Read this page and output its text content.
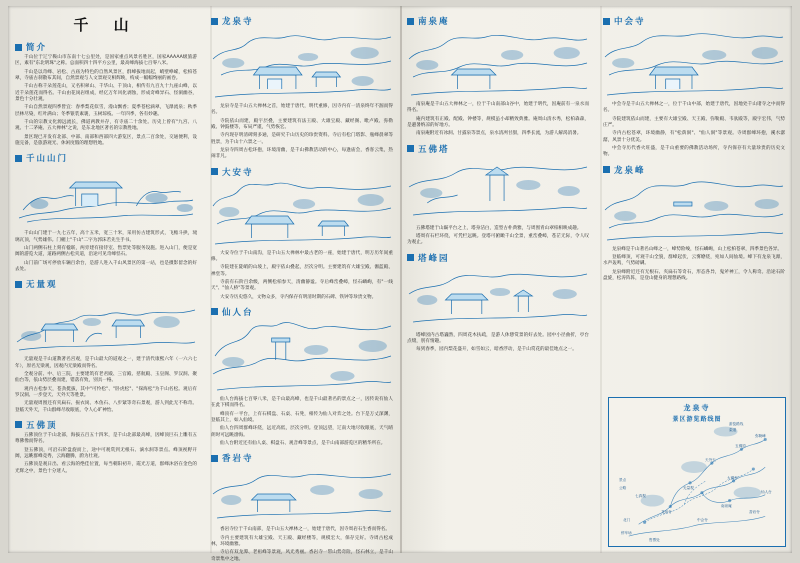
千 山
简介

千山位于辽宁鞍山市东南十七公里处，是国家重点风景名胜区，国家AAAAA级旅游区，素有"东北明珠"之称。总面积四十四平方公里，最高峰海拔七百零八米。

千山是以奇峰、岩松、古庙为特色的自然风景区，群峰拔地而起，峭壁峥嵘，松柏苍翠，寺庙古刹散布其间，自然景观与人文景观交相辉映，构成一幅幅绚丽的画卷。

千山古称千朵莲花山，又名积翠山、千华山、千顶山，相传有九百九十九座山峰，以近千朵莲花而得名。千山由花岗岩组成，经亿万年风化剥蚀，形成奇峰异石、怪洞幽谷，景色十分壮观。

千山自然景观四季皆宜：春季梨花似雪，漫山飘香；夏季苍松滴翠，飞瀑流泉；秋季层林尽染，红叶满山；冬季银装素裹，玉树琼枝。一年四季，各有妙趣。

千山的宗教文化源远流长，佛道两教并存，有寺庙二十余处。历史上曾有"九宫、八观、十二茅庵、五大禅林"之说，是东北地区著名的宗教胜地。

景区现已开发有北部、中部、南部和西部四大游览区，景点二百余处，交通便利，设施完备，是旅游观光、休闲度假的理想胜地。

千山山门

千山山门建于一九七五年，高十五米，宽三十米，采用仿古建筑形式，飞檐斗拱，琉璃瓦顶，气势雄伟。门楣上"千山"二字为郭沫若先生手书。

山门两侧石柱上刻有楹联，两旁建有接待室、售票处等服务设施。进入山门，便是宽阔的游览大道，道路两侧古松夹道，沿途可见奇峰怪石。

山门前广场可停放车辆百余台，是游人进入千山风景区的第一站，也是摄影留念的好去处。

无量观

无量观是千山道教著名宫观，是千山最大的道观之一，建于清代康熙六年（一六六七年），原名无梁观，因观内无梁殿而得名。

全观分前、中、后三院，主要建筑有老君殿、三官殿、慈航殿、玉皇阁、罗汉洞、聚仙台等，依山势层叠而建，错落有致，别具一格。

观内古松参天，苍劲挺拔，其中"可怜松"、"卧虎松"、"探海松"为千山名松。观后有罗汉洞、一步登天、天外天等胜景。

无量观周围还有夹扁石、振衣岗、木鱼石、八步紧等奇石景观，游人到此无不称奇。登临天外天，千山群峰尽收眼底，令人心旷神怡。

五佛顶

五佛顶位于千山北部，海拔五百五十四米，是千山北部最高峰，因峰顶巨石上雕有五尊佛像而得名。

登五佛顶，可沿石阶盘旋而上，途中可观赏到无根石、滴水洞等景点。峰顶视野开阔，远眺群峰竞秀，云海翻腾，蔚为壮观。

五佛顶是观日出、看云海的绝佳位置，每当朝阳初升，霞光万道，群峰沐浴在金色的光辉之中，景色十分迷人。

龙泉寺

龙泉寺是千山五大禅林之首，始建于唐代，明代重修，因寺内有一清泉终年不涸而得名。

寺院依山而建，殿宇层叠，主要建筑有法王殿、大雄宝殿、藏经阁、毗卢殿、弥勒殿、钟鼓楼等，布局严谨，气势恢宏。

寺内现存明清碑刻多通，是研究千山历史的珍贵资料。寺后有松门塔影、瓶峰晨翠等胜景，为千山十六景之一。

龙泉寺四周古松环抱，环境清幽，是千山佛教活动的中心，每逢庙会，香客云集，热闹非凡。

大安寺

大安寺位于千山南沟，是千山五大禅林中最古老的一座，始建于唐代，明万历年间重修。

寺院建在陡峭的山坡上，殿宇依山叠起，层次分明。主要建筑有大雄宝殿、伽蓝殿、禅堂等。

寺前有石阶百余级，两侧松柏参天，清幽静谧。寺后峰峦叠嶂，怪石嶙峋，有"一线天"、"仙人桥"等景观。

大安寺历史悠久，文物众多，寺内保存有明清时期的石碑、铁钟等珍贵文物。

仙人台

仙人台海拔七百零八米，是千山最高峰，也是千山最著名的景点之一，因传说有仙人在此下棋而得名。

峰顶有一平台，上有石棋盘、石桌、石凳，相传为仙人对弈之处。台下是万丈深渊，登临其上，如入仙境。

仙人台四周群峰环绕，远近高低，层次分明。登顶远望，辽南大地尽收眼底，天气晴朗时可远眺渤海。

仙人台附近还有仙人桌、棋盘石、观音峰等景点，是千山南部游览区的精华所在。

香岩寺

香岩寺位于千山南部，是千山五大禅林之一，始建于唐代，因寺周岩石生香而得名。

寺内主要建筑有大雄宝殿、天王殿、藏经楼等，规模宏大，保存完好。寺周古松成林，环境幽雅。

寺后有双龙潭、老祖峰等景观，风光秀丽。香岩寺一带山势奇险，怪石林立，是千山奇景集中之地。

南泉庵

南泉庵是千山五大禅林之一，位于千山南部山谷中，始建于明代，因庵前有一泉水而得名。

庵内建筑有正殿、配殿、钟楼等，规模虽小却精致典雅。庵周山清水秀，松柏森森，是避暑纳凉的好地方。

南泉庵附近有冰洞、甘露泉等景点，泉水清冽甘甜，四季长流，为游人解渴消暑。

五佛塔

五佛塔建于山巅平台之上，塔身洁白，造型古朴典雅，与周围青山翠柏相映成趣。

塔周有石栏环绕，可凭栏远眺。登塔可俯瞰千山全景，重峦叠嶂，苍茫无际，令人叹为观止。

塔峰园

塔峰园内古塔巍然，四周花木扶疏，是游人休憩赏景的好去处。园中小径曲折，亭台点缀，别有情趣。

每到春季，园内梨花盛开，如雪如云，暗香浮动，是千山赏花的最佳地点之一。

中会寺

中会寺是千山五大禅林之一，位于千山中部，始建于唐代，因地处千山诸寺之中而得名。

寺院建筑依山而建，主要有大雄宝殿、天王殿、弥勒殿、韦驮殿等，殿宇宏伟，气势庄严。

寺内古松苍翠，环境幽静，有"松荫洞"、"仙人洞"等景观。寺周群峰环抱，溪水潺潺，风景十分优美。

中会寺历代香火旺盛，是千山重要的佛教活动场所，寺内保存有大量珍贵的历史文物。

龙泉峰

龙泉峰是千山著名山峰之一，峰势险峻，怪石嶙峋，山上松柏苍翠，四季景色各异。

登临峰顶，可观千山全貌，群峰起伏，云雾缭绕，宛如人间仙境。峰下有龙泉飞瀑，水声轰鸣，气势磅礴。

龙泉峰附近还有无根石、夹扁石等奇石，形态各异，鬼斧神工，令人称奇。沿途石阶盘旋，松涛阵阵，是登山健身的理想路线。

龙泉寺
景区游览路线图
北门
停车场
售票处
龙泉寺
天外天
无量观
五佛顶
弥勒峰
大佛寺
南泉庵
香岩寺
仙人台
中会寺
七真观
游览路线
索道
公路
景点
